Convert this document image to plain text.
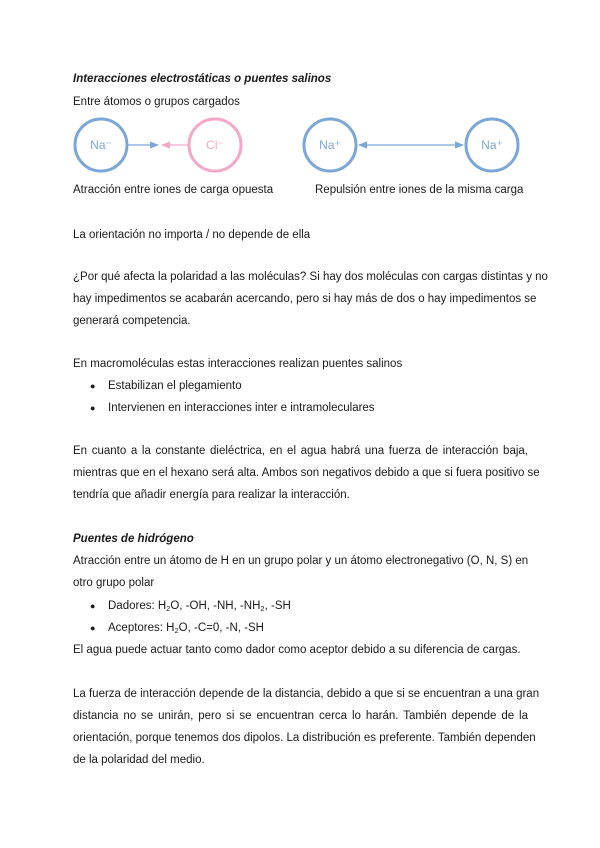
Interacciones electrostáticas o puentes salinos
Entre átomos o grupos cargados
Na⁻	Cl⁻	Na⁺	Na⁺
Atracción entre iones de carga opuesta	Repulsión entre iones de la misma carga
La orientación no importa / no depende de ella
¿Por qué afecta la polaridad a las moléculas? Si hay dos moléculas con cargas distintas y no
hay impedimentos se acabarán acercando, pero si hay más de dos o hay impedimentos se
generará competencia.
En macromoléculas estas interacciones realizan puentes salinos
● Estabilizan el plegamiento
● Intervienen en interacciones inter e intramoleculares
En cuanto a la constante dieléctrica, en el agua habrá una fuerza de interacción baja,
mientras que en el hexano será alta. Ambos son negativos debido a que si fuera positivo se
tendría que añadir energía para realizar la interacción.
Puentes de hidrógeno
Atracción entre un átomo de H en un grupo polar y un átomo electronegativo (O, N, S) en
otro grupo polar
● Dadores: $H_2O$, -OH, -NH, $-NH_2$, -SH
● Aceptores: $H_2O$, -C=0, -N, -SH
El agua puede actuar tanto como dador como aceptor debido a su diferencia de cargas.
La fuerza de interacción depende de la distancia, debido a que si se encuentran a una gran
distancia no se unirán, pero si se encuentran cerca lo harán. También depende de la
orientación, porque tenemos dos dipolos. La distribución es preferente. También dependen
de la polaridad del medio.
